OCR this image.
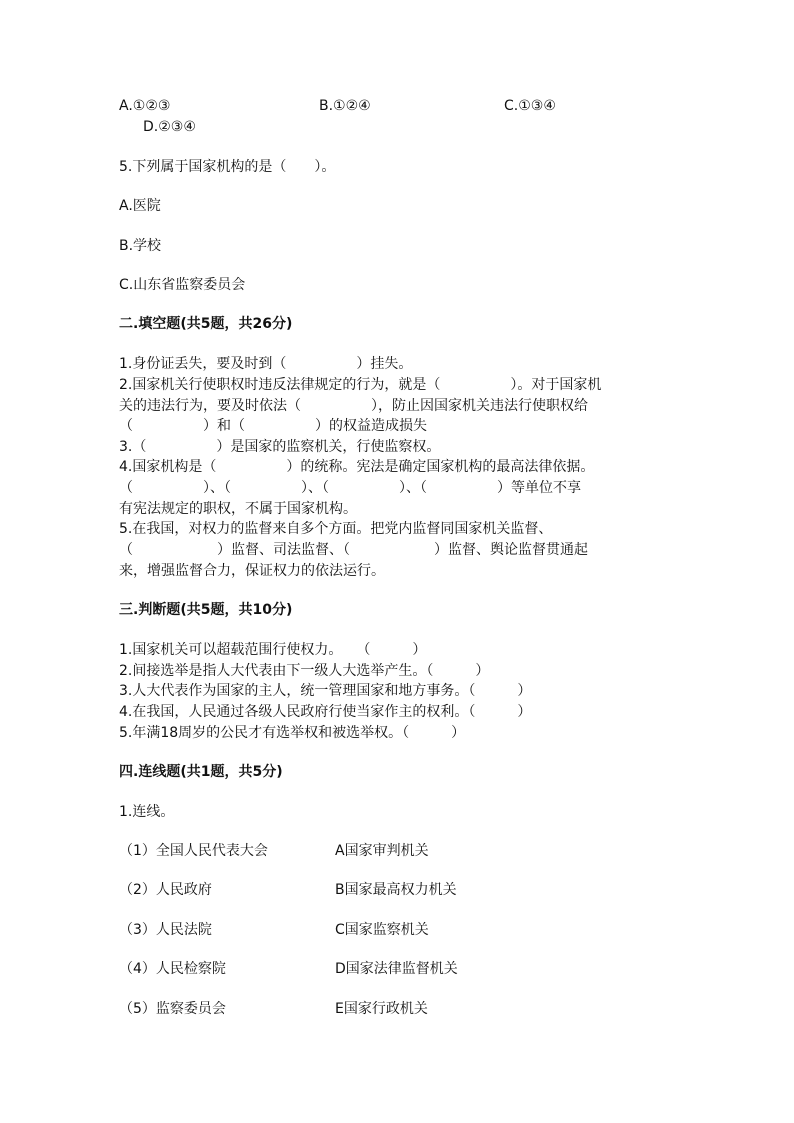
A.①②③	B.①②④	C.①③④
D.②③④
5.下列属于国家机构的是（　　）。
A.医院
B.学校
C.山东省监察委员会
二.填空题(共5题，共26分)
1.身份证丢失，要及时到（　　　　　）挂失。
2.国家机关行使职权时违反法律规定的行为，就是（　　　　　）。对于国家机
关的违法行为，要及时依法（　　　　　），防止因国家机关违法行使职权给
（　　　　　）和（　　　　　）的权益造成损失
3.（　　　　　）是国家的监察机关，行使监察权。
4.国家机构是（　　　　　）的统称。宪法是确定国家机构的最高法律依据。
（　　　　　）、（　　　　　）、（　　　　　）、（　　　　　）等单位不享
有宪法规定的职权，不属于国家机构。
5.在我国，对权力的监督来自多个方面。把党内监督同国家机关监督、
（　　　　　　）监督、司法监督、（　　　　　　）监督、舆论监督贯通起
来，增强监督合力，保证权力的依法运行。
三.判断题(共5题，共10分)
1.国家机关可以超载范围行使权力。　　（　　　）
2.间接选举是指人大代表由下一级人大选举产生。（　　　）
3.人大代表作为国家的主人，统一管理国家和地方事务。（　　　）
4.在我国，人民通过各级人民政府行使当家作主的权利。（　　　）
5.年满18周岁的公民才有选举权和被选举权。（　　　）
四.连线题(共1题，共5分)
1.连线。
（1）全国人民代表大会	A国家审判机关
（2）人民政府	B国家最高权力机关
（3）人民法院	C国家监察机关
（4）人民检察院	D国家法律监督机关
（5）监察委员会	E国家行政机关
